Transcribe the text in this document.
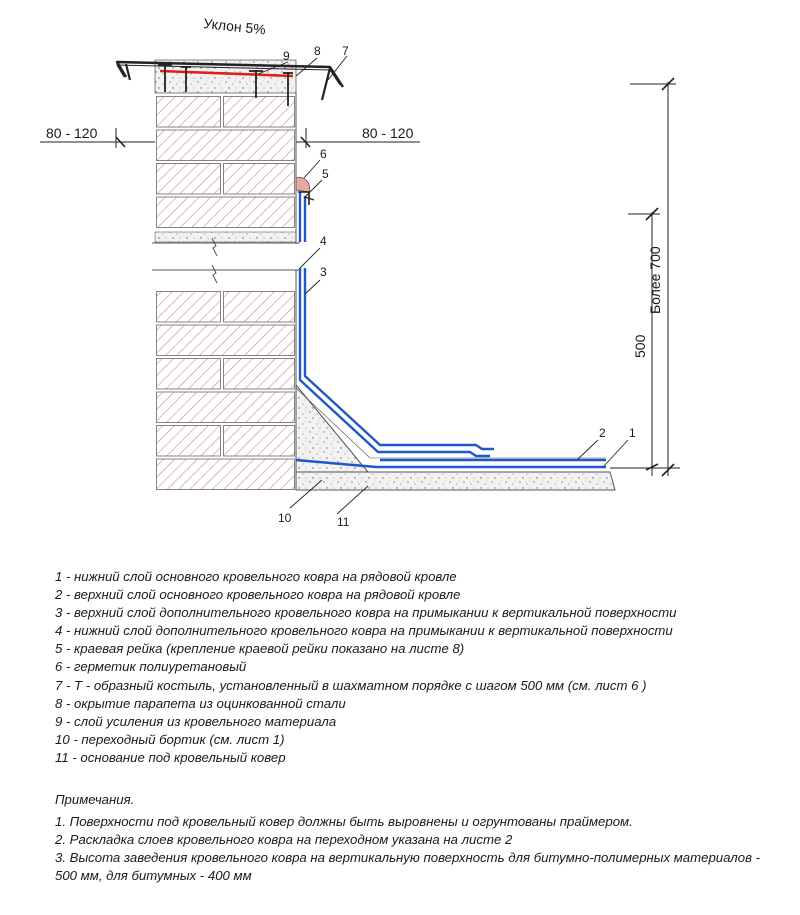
Уклон 5%
80 - 120	80 - 120
500
Более 700
1
2
3
4
5
6
7
8
9
10	11
1 - нижний слой основного кровельного ковра на рядовой кровле
2 - верхний слой основного кровельного ковра на рядовой кровле
3 - верхний слой дополнительного кровельного ковра на примыкании к вертикальной поверхности
4 - нижний слой дополнительного кровельного ковра на примыкании к вертикальной поверхности
5 - краевая рейка (крепление краевой рейки показано на листе 8)
6 - герметик полиуретановый
7 - Т - образный костыль, установленный в шахматном порядке с шагом 500 мм (см. лист 6 )
8 - окрытие парапета из оцинкованной стали
9 - слой усиления из кровельного материала
10 - переходный бортик (см. лист 1)
11 - основание под кровельный ковер
Примечания.
1. Поверхности под кровельный ковер должны быть выровнены и огрунтованы праймером.
2. Раскладка слоев кровельного ковра на переходном указана на листе 2
3. Высота заведения кровельного ковра на вертикальную поверхность для битумно-полимерных материалов - 500 мм, для битумных - 400 мм
